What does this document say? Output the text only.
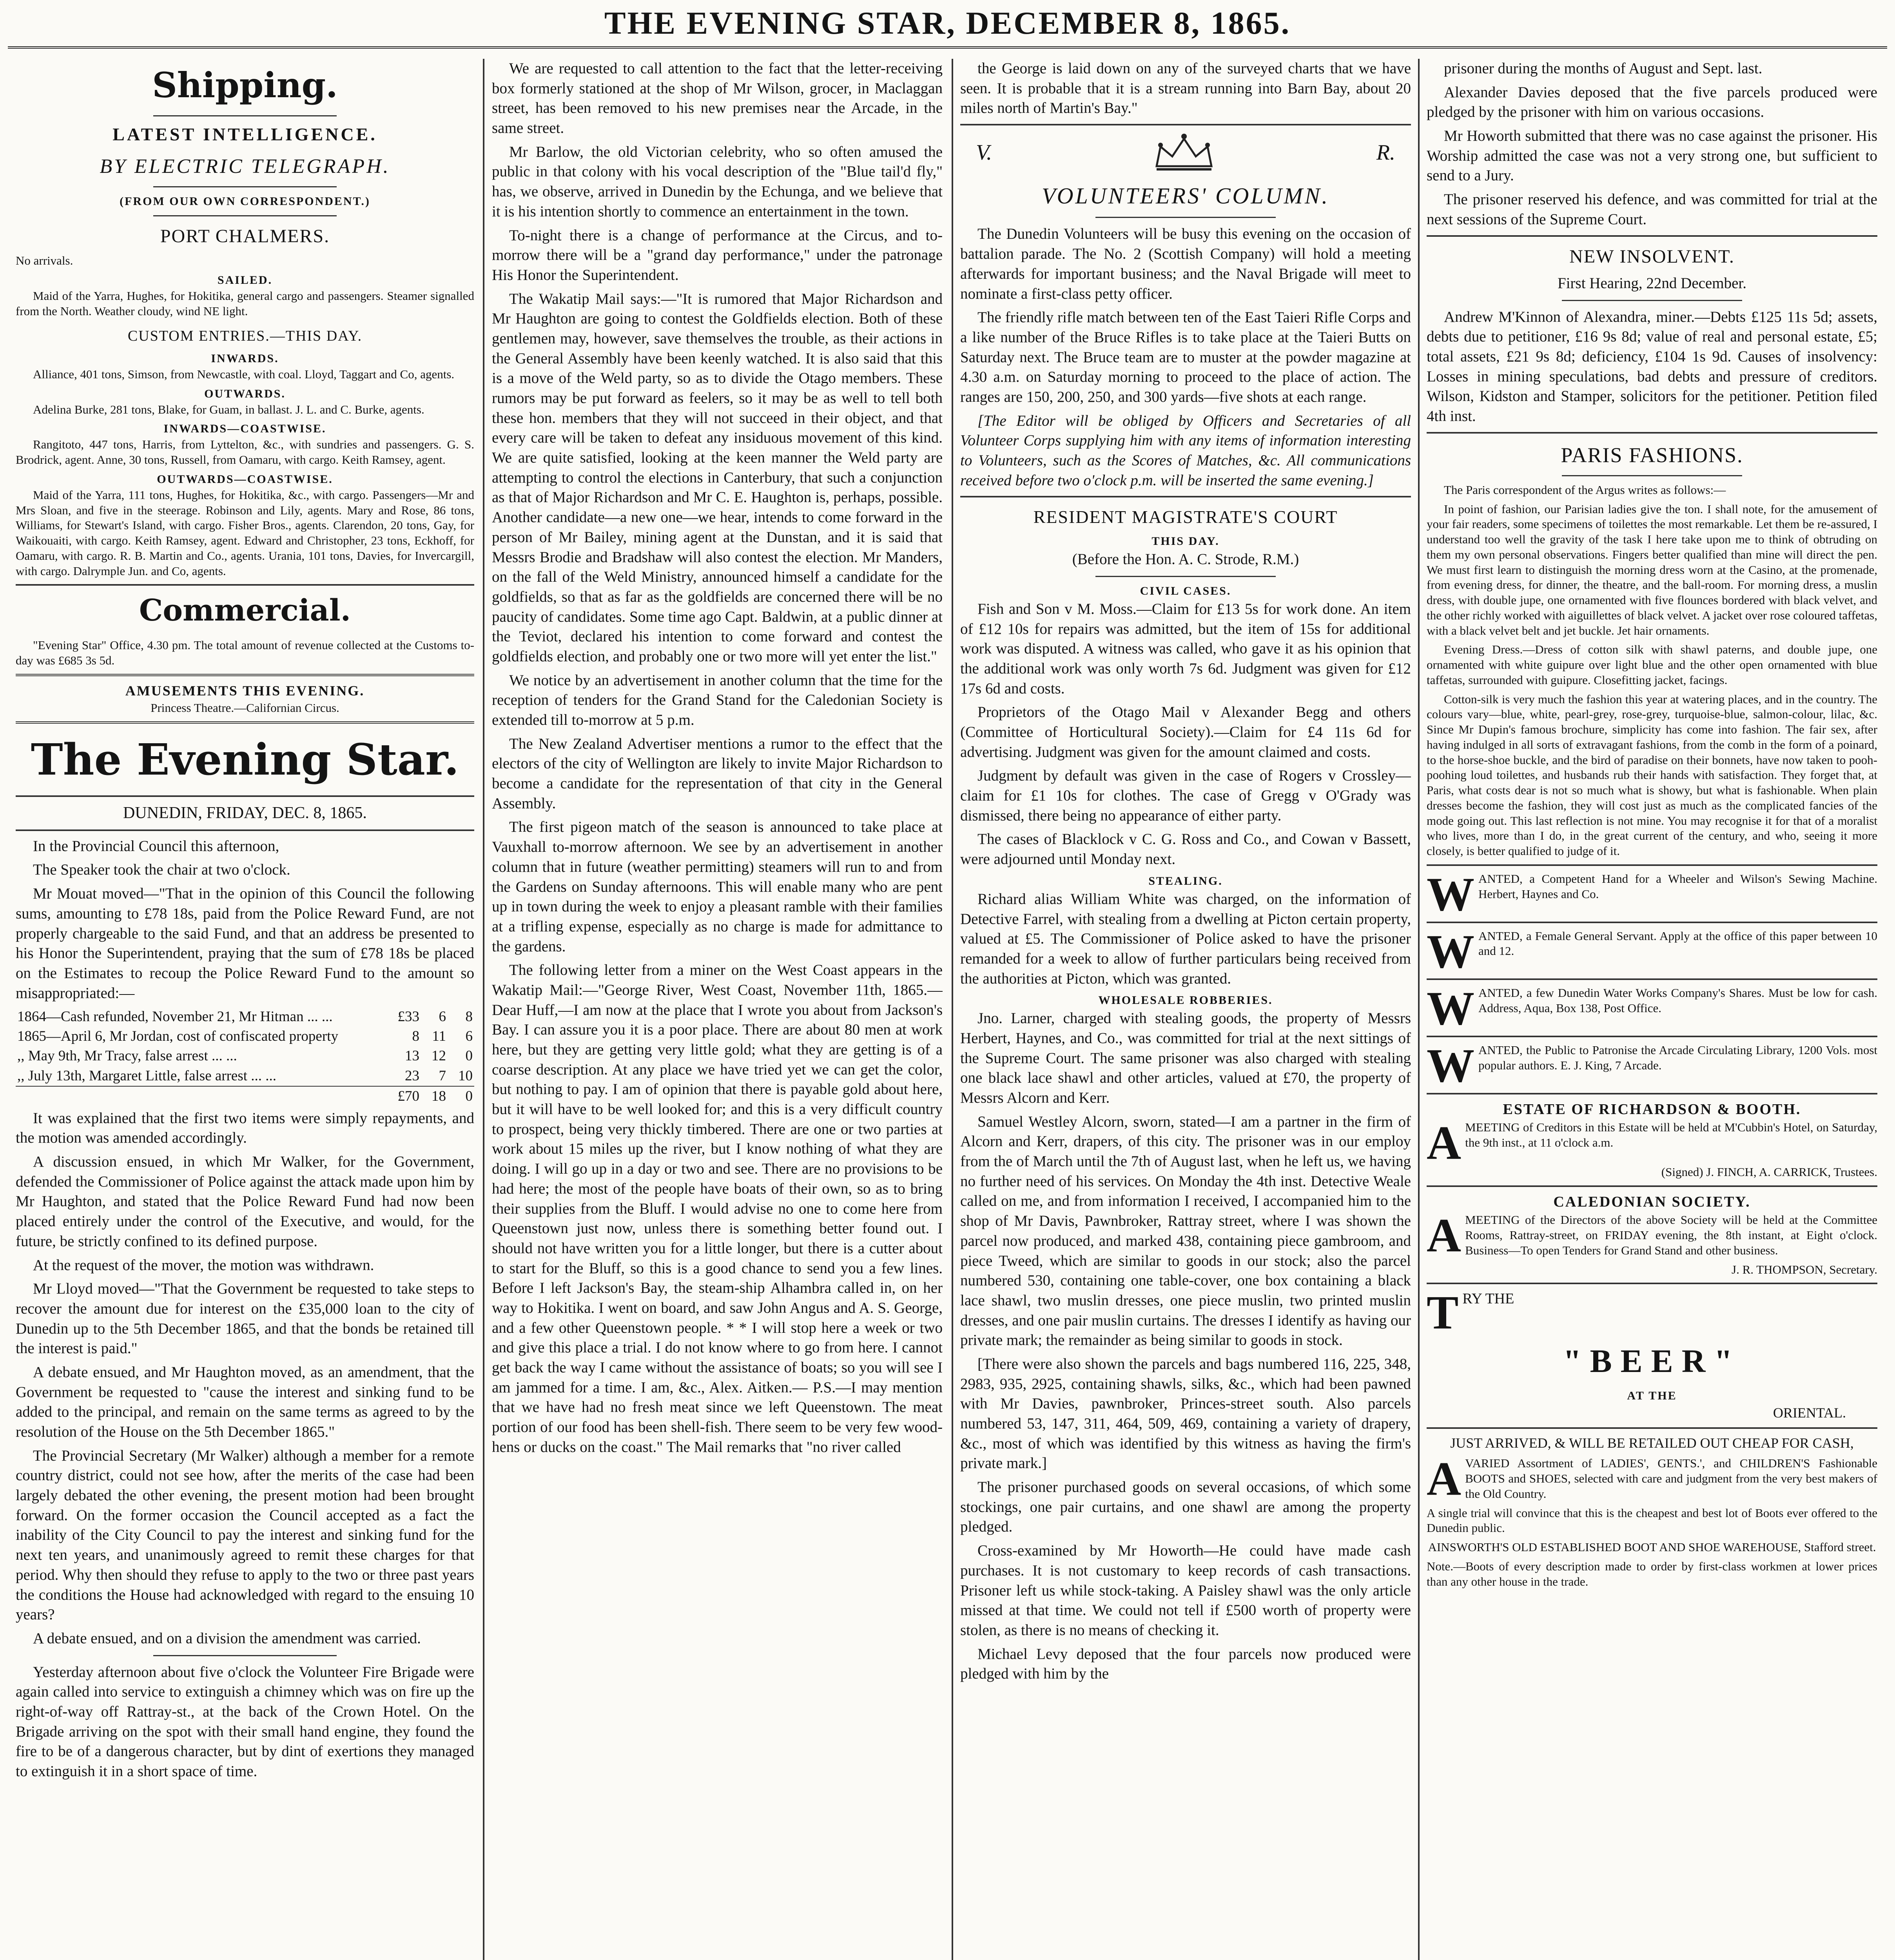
THE EVENING STAR, DECEMBER 8, 1865.
Shipping.
LATEST INTELLIGENCE.
BY ELECTRIC TELEGRAPH.
(FROM OUR OWN CORRESPONDENT.)
PORT CHALMERS.

No arrivals.

SAILED.

Maid of the Yarra, Hughes, for Hokitika, general cargo and passengers. Steamer signalled from the North. Weather cloudy, wind NE light.

CUSTOM ENTRIES.—THIS DAY.
INWARDS.

Alliance, 401 tons, Simson, from Newcastle, with coal. Lloyd, Taggart and Co, agents.

OUTWARDS.

Adelina Burke, 281 tons, Blake, for Guam, in ballast. J. L. and C. Burke, agents.

INWARDS—COASTWISE.

Rangitoto, 447 tons, Harris, from Lyttelton, &c., with sundries and passengers. G. S. Brodrick, agent. Anne, 30 tons, Russell, from Oamaru, with cargo. Keith Ramsey, agent.

OUTWARDS—COASTWISE.

Maid of the Yarra, 111 tons, Hughes, for Hokitika, &c., with cargo. Passengers—Mr and Mrs Sloan, and five in the steerage. Robinson and Lily, agents. Mary and Rose, 86 tons, Williams, for Stewart's Island, with cargo. Fisher Bros., agents. Clarendon, 20 tons, Gay, for Waikouaiti, with cargo. Keith Ramsey, agent. Edward and Christopher, 23 tons, Eckhoff, for Oamaru, with cargo. R. B. Martin and Co., agents. Urania, 101 tons, Davies, for Invercargill, with cargo. Dalrymple Jun. and Co, agents.

Commercial.

"Evening Star" Office, 4.30 pm. The total amount of revenue collected at the Customs to-day was £685 3s 5d.

AMUSEMENTS THIS EVENING.

Princess Theatre.—Californian Circus.

The Evening Star.

DUNEDIN, FRIDAY, DEC. 8, 1865.

In the Provincial Council this afternoon,

The Speaker took the chair at two o'clock.

Mr Mouat moved—"That in the opinion of this Council the following sums, amounting to £78 18s, paid from the Police Reward Fund, are not properly chargeable to the said Fund, and that an address be presented to his Honor the Superintendent, praying that the sum of £78 18s be placed on the Estimates to recoup the Police Reward Fund to the amount so misappropriated:—

1864—Cash refunded, November 21, Mr Hitman ... ...	£33	6	8
1865—April 6, Mr Jordan, cost of confiscated property	8	11	6
,, May 9th, Mr Tracy, false arrest ... ...	13	12	0
,, July 13th, Margaret Little, false arrest ... ...	23	7	10
	£70	18	0

It was explained that the first two items were simply repayments, and the motion was amended accordingly.

A discussion ensued, in which Mr Walker, for the Government, defended the Commissioner of Police against the attack made upon him by Mr Haughton, and stated that the Police Reward Fund had now been placed entirely under the control of the Executive, and would, for the future, be strictly confined to its defined purpose.

At the request of the mover, the motion was withdrawn.

Mr Lloyd moved—"That the Government be requested to take steps to recover the amount due for interest on the £35,000 loan to the city of Dunedin up to the 5th December 1865, and that the bonds be retained till the interest is paid."

A debate ensued, and Mr Haughton moved, as an amendment, that the Government be requested to "cause the interest and sinking fund to be added to the principal, and remain on the same terms as agreed to by the resolution of the House on the 5th December 1865."

The Provincial Secretary (Mr Walker) although a member for a remote country district, could not see how, after the merits of the case had been largely debated the other evening, the present motion had been brought forward. On the former occasion the Council accepted as a fact the inability of the City Council to pay the interest and sinking fund for the next ten years, and unanimously agreed to remit these charges for that period. Why then should they refuse to apply to the two or three past years the conditions the House had acknowledged with regard to the ensuing 10 years?

A debate ensued, and on a division the amendment was carried.

Yesterday afternoon about five o'clock the Volunteer Fire Brigade were again called into service to extinguish a chimney which was on fire up the right-of-way off Rattray-st., at the back of the Crown Hotel. On the Brigade arriving on the spot with their small hand engine, they found the fire to be of a dangerous character, but by dint of exertions they managed to extinguish it in a short space of time.

We are requested to call attention to the fact that the letter-receiving box formerly stationed at the shop of Mr Wilson, grocer, in Maclaggan street, has been removed to his new premises near the Arcade, in the same street.

Mr Barlow, the old Victorian celebrity, who so often amused the public in that colony with his vocal description of the "Blue tail'd fly," has, we observe, arrived in Dunedin by the Echunga, and we believe that it is his intention shortly to commence an entertainment in the town.

To-night there is a change of performance at the Circus, and to-morrow there will be a "grand day performance," under the patronage His Honor the Superintendent.

The Wakatip Mail says:—"It is rumored that Major Richardson and Mr Haughton are going to contest the Goldfields election. Both of these gentlemen may, however, save themselves the trouble, as their actions in the General Assembly have been keenly watched. It is also said that this is a move of the Weld party, so as to divide the Otago members. These rumors may be put forward as feelers, so it may be as well to tell both these hon. members that they will not succeed in their object, and that every care will be taken to defeat any insiduous movement of this kind. We are quite satisfied, looking at the keen manner the Weld party are attempting to control the elections in Canterbury, that such a conjunction as that of Major Richardson and Mr C. E. Haughton is, perhaps, possible. Another candidate—a new one—we hear, intends to come forward in the person of Mr Bailey, mining agent at the Dunstan, and it is said that Messrs Brodie and Bradshaw will also contest the election. Mr Manders, on the fall of the Weld Ministry, announced himself a candidate for the goldfields, so that as far as the goldfields are concerned there will be no paucity of candidates. Some time ago Capt. Baldwin, at a public dinner at the Teviot, declared his intention to come forward and contest the goldfields election, and probably one or two more will yet enter the list."

We notice by an advertisement in another column that the time for the reception of tenders for the Grand Stand for the Caledonian Society is extended till to-morrow at 5 p.m.

The New Zealand Advertiser mentions a rumor to the effect that the electors of the city of Wellington are likely to invite Major Richardson to become a candidate for the representation of that city in the General Assembly.

The first pigeon match of the season is announced to take place at Vauxhall to-morrow afternoon. We see by an advertisement in another column that in future (weather permitting) steamers will run to and from the Gardens on Sunday afternoons. This will enable many who are pent up in town during the week to enjoy a pleasant ramble with their families at a trifling expense, especially as no charge is made for admittance to the gardens.

The following letter from a miner on the West Coast appears in the Wakatip Mail:—"George River, West Coast, November 11th, 1865.—Dear Huff,—I am now at the place that I wrote you about from Jackson's Bay. I can assure you it is a poor place. There are about 80 men at work here, but they are getting very little gold; what they are getting is of a coarse description. At any place we have tried yet we can get the color, but nothing to pay. I am of opinion that there is payable gold about here, but it will have to be well looked for; and this is a very difficult country to prospect, being very thickly timbered. There are one or two parties at work about 15 miles up the river, but I know nothing of what they are doing. I will go up in a day or two and see. There are no provisions to be had here; the most of the people have boats of their own, so as to bring their supplies from the Bluff. I would advise no one to come here from Queenstown just now, unless there is something better found out. I should not have written you for a little longer, but there is a cutter about to start for the Bluff, so this is a good chance to send you a few lines. Before I left Jackson's Bay, the steam-ship Alhambra called in, on her way to Hokitika. I went on board, and saw John Angus and A. S. George, and a few other Queenstown people. * * I will stop here a week or two and give this place a trial. I do not know where to go from here. I cannot get back the way I came without the assistance of boats; so you will see I am jammed for a time. I am, &c., Alex. Aitken.— P.S.—I may mention that we have had no fresh meat since we left Queenstown. The meat portion of our food has been shell-fish. There seem to be very few wood-hens or ducks on the coast." The Mail remarks that "no river called

the George is laid down on any of the surveyed charts that we have seen. It is probable that it is a stream running into Barn Bay, about 20 miles north of Martin's Bay."

V.	R.
VOLUNTEERS' COLUMN.

The Dunedin Volunteers will be busy this evening on the occasion of battalion parade. The No. 2 (Scottish Company) will hold a meeting afterwards for important business; and the Naval Brigade will meet to nominate a first-class petty officer.

The friendly rifle match between ten of the East Taieri Rifle Corps and a like number of the Bruce Rifles is to take place at the Taieri Butts on Saturday next. The Bruce team are to muster at the powder magazine at 4.30 a.m. on Saturday morning to proceed to the place of action. The ranges are 150, 200, 250, and 300 yards—five shots at each range.

[The Editor will be obliged by Officers and Secretaries of all Volunteer Corps supplying him with any items of information interesting to Volunteers, such as the Scores of Matches, &c. All communications received before two o'clock p.m. will be inserted the same evening.]

RESIDENT MAGISTRATE'S COURT
THIS DAY.

(Before the Hon. A. C. Strode, R.M.)

CIVIL CASES.

Fish and Son v M. Moss.—Claim for £13 5s for work done. An item of £12 10s for repairs was admitted, but the item of 15s for additional work was disputed. A witness was called, who gave it as his opinion that the additional work was only worth 7s 6d. Judgment was given for £12 17s 6d and costs.

Proprietors of the Otago Mail v Alexander Begg and others (Committee of Horticultural Society).—Claim for £4 11s 6d for advertising. Judgment was given for the amount claimed and costs.

Judgment by default was given in the case of Rogers v Crossley—claim for £1 10s for clothes. The case of Gregg v O'Grady was dismissed, there being no appearance of either party.

The cases of Blacklock v C. G. Ross and Co., and Cowan v Bassett, were adjourned until Monday next.

STEALING.

Richard alias William White was charged, on the information of Detective Farrel, with stealing from a dwelling at Picton certain property, valued at £5. The Commissioner of Police asked to have the prisoner remanded for a week to allow of further particulars being received from the authorities at Picton, which was granted.

WHOLESALE ROBBERIES.

Jno. Larner, charged with stealing goods, the property of Messrs Herbert, Haynes, and Co., was committed for trial at the next sittings of the Supreme Court. The same prisoner was also charged with stealing one black lace shawl and other articles, valued at £70, the property of Messrs Alcorn and Kerr.

Samuel Westley Alcorn, sworn, stated—I am a partner in the firm of Alcorn and Kerr, drapers, of this city. The prisoner was in our employ from the of March until the 7th of August last, when he left us, we having no further need of his services. On Monday the 4th inst. Detective Weale called on me, and from information I received, I accompanied him to the shop of Mr Davis, Pawnbroker, Rattray street, where I was shown the parcel now produced, and marked 438, containing piece gambroom, and piece Tweed, which are similar to goods in our stock; also the parcel numbered 530, containing one table-cover, one box containing a black lace shawl, two muslin dresses, one piece muslin, two printed muslin dresses, and one pair muslin curtains. The dresses I identify as having our private mark; the remainder as being similar to goods in stock.

[There were also shown the parcels and bags numbered 116, 225, 348, 2983, 935, 2925, containing shawls, silks, &c., which had been pawned with Mr Davies, pawnbroker, Princes-street south. Also parcels numbered 53, 147, 311, 464, 509, 469, containing a variety of drapery, &c., most of which was identified by this witness as having the firm's private mark.]

The prisoner purchased goods on several occasions, of which some stockings, one pair curtains, and one shawl are among the property pledged.

Cross-examined by Mr Howorth—He could have made cash purchases. It is not customary to keep records of cash transactions. Prisoner left us while stock-taking. A Paisley shawl was the only article missed at that time. We could not tell if £500 worth of property were stolen, as there is no means of checking it.

Michael Levy deposed that the four parcels now produced were pledged with him by the

prisoner during the months of August and Sept. last.

Alexander Davies deposed that the five parcels produced were pledged by the prisoner with him on various occasions.

Mr Howorth submitted that there was no case against the prisoner. His Worship admitted the case was not a very strong one, but sufficient to send to a Jury.

The prisoner reserved his defence, and was committed for trial at the next sessions of the Supreme Court.

NEW INSOLVENT.

First Hearing, 22nd December.

Andrew M'Kinnon of Alexandra, miner.—Debts £125 11s 5d; assets, debts due to petitioner, £16 9s 8d; value of real and personal estate, £5; total assets, £21 9s 8d; deficiency, £104 1s 9d. Causes of insolvency: Losses in mining speculations, bad debts and pressure of creditors. Wilson, Kidston and Stamper, solicitors for the petitioner. Petition filed 4th inst.

PARIS FASHIONS.

The Paris correspondent of the Argus writes as follows:—

In point of fashion, our Parisian ladies give the ton. I shall note, for the amusement of your fair readers, some specimens of toilettes the most remarkable. Let them be re-assured, I understand too well the gravity of the task I here take upon me to think of obtruding on them my own personal observations. Fingers better qualified than mine will direct the pen. We must first learn to distinguish the morning dress worn at the Casino, at the promenade, from evening dress, for dinner, the theatre, and the ball-room. For morning dress, a muslin dress, with double jupe, one ornamented with five flounces bordered with black velvet, and the other richly worked with aiguillettes of black velvet. A jacket over rose coloured taffetas, with a black velvet belt and jet buckle. Jet hair ornaments.

Evening Dress.—Dress of cotton silk with shawl paterns, and double jupe, one ornamented with white guipure over light blue and the other open ornamented with blue taffetas, surrounded with guipure. Closefitting jacket, facings.

Cotton-silk is very much the fashion this year at watering places, and in the country. The colours vary—blue, white, pearl-grey, rose-grey, turquoise-blue, salmon-colour, lilac, &c. Since Mr Dupin's famous brochure, simplicity has come into fashion. The fair sex, after having indulged in all sorts of extravagant fashions, from the comb in the form of a poinard, to the horse-shoe buckle, and the bird of paradise on their bonnets, have now taken to pooh-poohing loud toilettes, and husbands rub their hands with satisfaction. They forget that, at Paris, what costs dear is not so much what is showy, but what is fashionable. When plain dresses become the fashion, they will cost just as much as the complicated fancies of the mode going out. This last reflection is not mine. You may recognise it for that of a moralist who lives, more than I do, in the great current of the century, and who, seeing it more closely, is better qualified to judge of it.

W ANTED, a Competent Hand for a Wheeler and Wilson's Sewing Machine. Herbert, Haynes and Co.

W ANTED, a Female General Servant. Apply at the office of this paper between 10 and 12.

W ANTED, a few Dunedin Water Works Company's Shares. Must be low for cash. Address, Aqua, Box 138, Post Office.

W ANTED, the Public to Patronise the Arcade Circulating Library, 1200 Vols. most popular authors. E. J. King, 7 Arcade.

ESTATE OF RICHARDSON & BOOTH.
A MEETING of Creditors in this Estate will be held at M'Cubbin's Hotel, on Saturday, the 9th inst., at 11 o'clock a.m.

(Signed) J. FINCH, A. CARRICK, Trustees.

CALEDONIAN SOCIETY.
A MEETING of the Directors of the above Society will be held at the Committee Rooms, Rattray-street, on FRIDAY evening, the 8th instant, at Eight o'clock. Business—To open Tenders for Grand Stand and other business.

J. R. THOMPSON, Secretary.

T RY THE

"BEER"
AT THE

ORIENTAL.

JUST ARRIVED, & WILL BE RETAILED OUT CHEAP FOR CASH,

A VARIED Assortment of LADIES', GENTS.', and CHILDREN'S Fashionable BOOTS and SHOES, selected with care and judgment from the very best makers of the Old Country.

A single trial will convince that this is the cheapest and best lot of Boots ever offered to the Dunedin public.

AINSWORTH'S OLD ESTABLISHED BOOT AND SHOE WAREHOUSE, Stafford street.

Note.—Boots of every description made to order by first-class workmen at lower prices than any other house in the trade.
